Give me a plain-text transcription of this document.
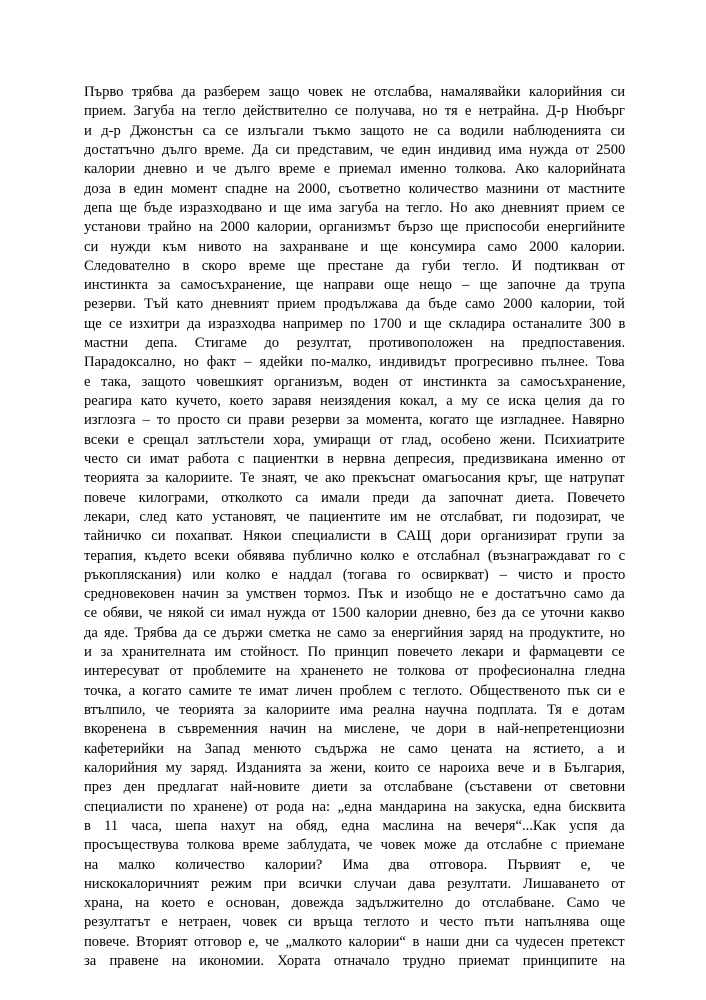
Първо трябва да разберем защо човек не отслабва, намалявайки калорийния си
прием. Загуба на тегло действително се получава, но тя е нетрайна. Д-р Нюбърг
и д-р Джонстън са се излъгали тъкмо защото не са водили наблюденията си
достатъчно дълго време. Да си представим, че един индивид има нужда от 2500
калории дневно и че дълго време е приемал именно толкова. Ако калорийната
доза в един момент спадне на 2000, съответно количество мазнини от мастните
депа ще бъде изразходвано и ще има загуба на тегло. Но ако дневният прием се
установи трайно на 2000 калории, организмът бързо ще приспособи енергийните
си нужди към нивото на захранване и ще консумира само 2000 калории.
Следователно в скоро време ще престане да губи тегло. И подтикван от
инстинкта за самосъхранение, ще направи още нещо – ще започне да трупа
резерви. Тъй като дневният прием продължава да бъде само 2000 калории, той
ще се изхитри да изразходва например по 1700 и ще складира останалите 300 в
мастни депа. Стигаме до резултат, противоположен на предпоставения.
Парадоксално, но факт – ядейки по-малко, индивидът прогресивно пълнее. Това
е така, защото човешкият организъм, воден от инстинкта за самосъхранение,
реагира като кучето, което заравя неизядения кокал, а му се иска целия да го
изглозга – то просто си прави резерви за момента, когато ще изгладнее. Навярно
всеки е срещал затлъстели хора, умиращи от глад, особено жени. Психиатрите
често си имат работа с пациентки в нервна депресия, предизвикана именно от
теорията за калориите. Те знаят, че ако прекъснат омагьосания кръг, ще натрупат
повече килограми, отколкото са имали преди да започнат диета. Повечето
лекари, след като установят, че пациентите им не отслабват, ги подозират, че
тайничко си похапват. Някои специалисти в САЩ дори организират групи за
терапия, където всеки обявява публично колко е отслабнал (възнаграждават го с
ръкопляскания) или колко е наддал (тогава го освиркват) – чисто и просто
средновековен начин за умствен тормоз. Пък и изобщо не е достатъчно само да
се обяви, че някой си имал нужда от 1500 калории дневно, без да се уточни какво
да яде. Трябва да се държи сметка не само за енергийния заряд на продуктите, но
и за хранителната им стойност. По принцип повечето лекари и фармацевти се
интересуват от проблемите на храненето не толкова от професионална гледна
точка, а когато самите те имат личен проблем с теглото. Общественото пък си е
втълпило, че теорията за калориите има реална научна подплата. Тя е дотам
вкоренена в съвременния начин на мислене, че дори в най-непретенциозни
кафетерийки на Запад менюто съдържа не само цената на ястието, а и
калорийния му заряд. Изданията за жени, които се нароиха вече и в България,
през ден предлагат най-новите диети за отслабване (съставени от световни
специалисти по хранене) от рода на: „една мандарина на закуска, една бисквита
в 11 часа, шепа нахут на обяд, една маслина на вечеря“...Как успя да
просъществува толкова време заблудата, че човек може да отслабне с приемане
на малко количество калории? Има два отговора. Първият е, че
нискокалоричният режим при всички случаи дава резултати. Лишаването от
храна, на което е основан, довежда задължително до отслабване. Само че
резултатът е нетраен, човек си връща теглото и често пъти напълнява още
повече. Вторият отговор е, че „малкото калории“ в наши дни са чудесен претекст
за правене на икономии. Хората отначало трудно приемат принципите на
